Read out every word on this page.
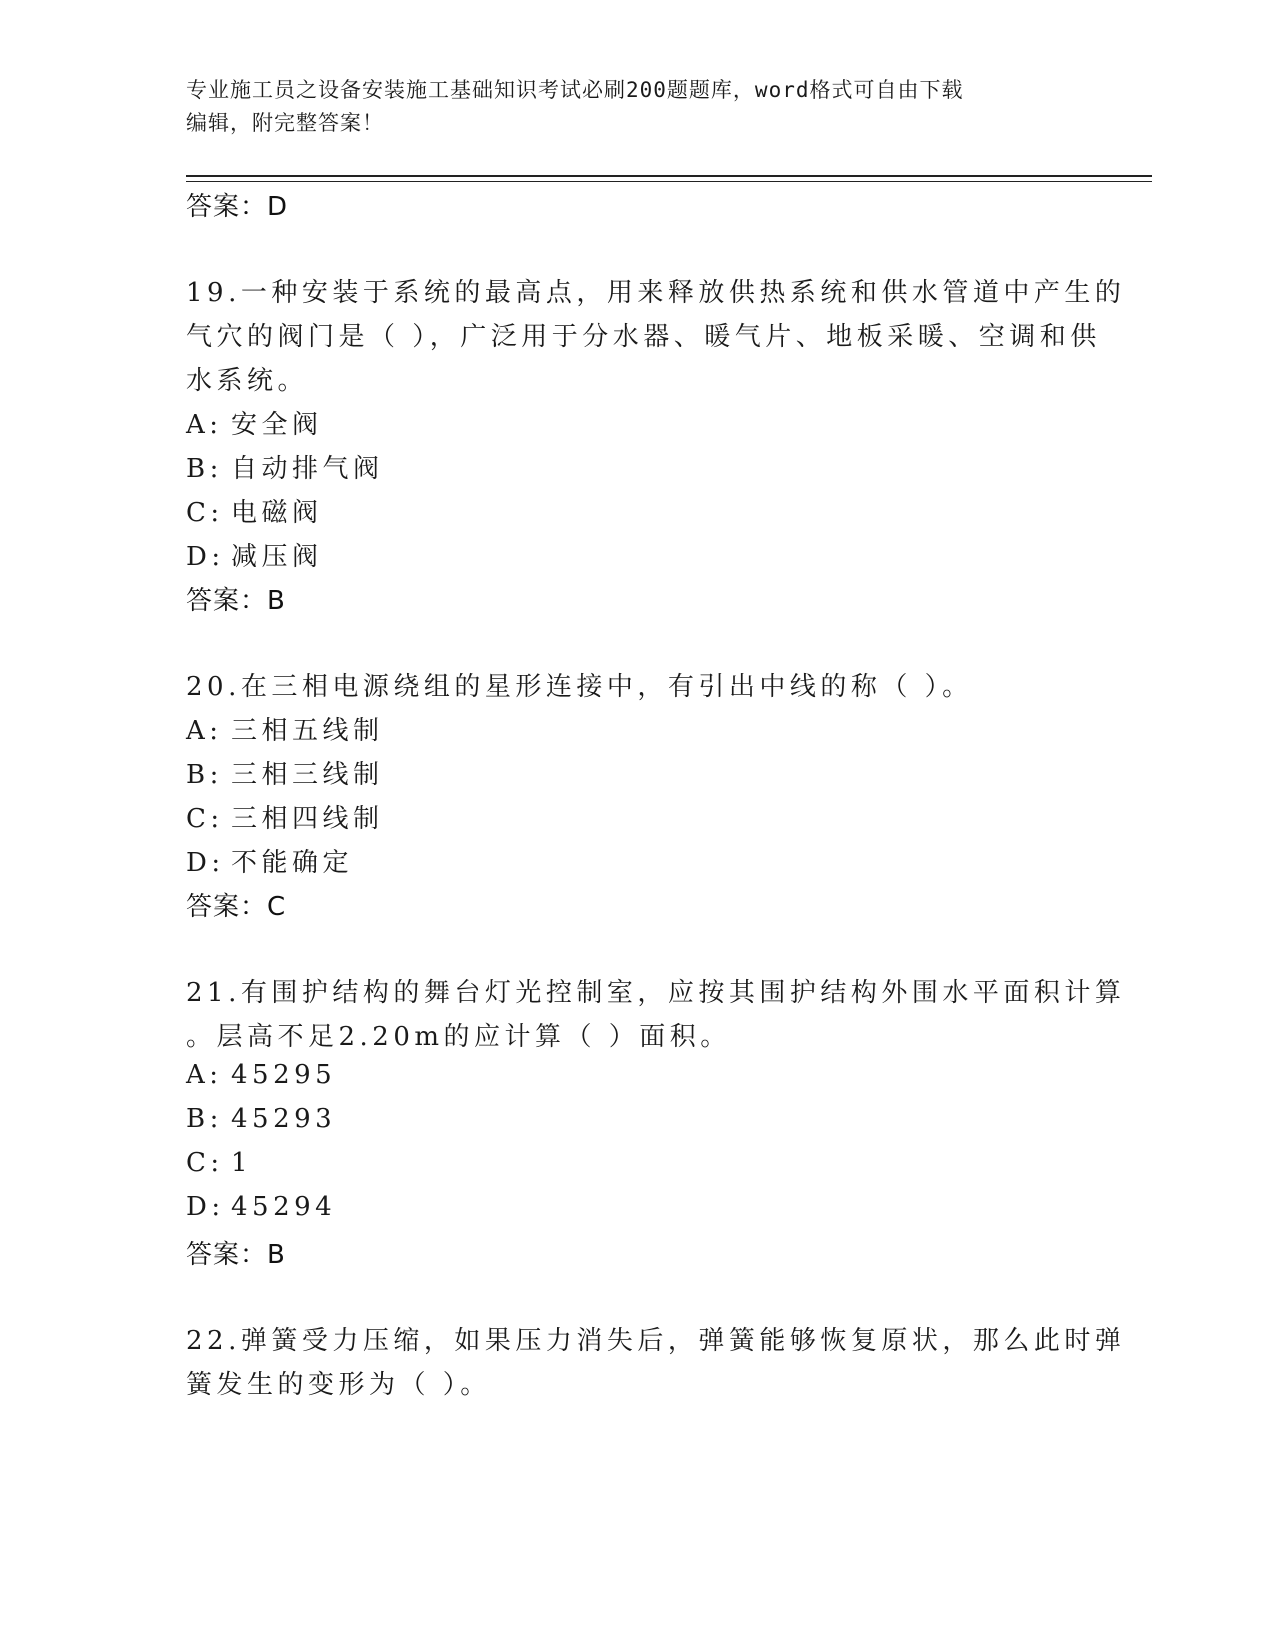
专业施工员之设备安装施工基础知识考试必刷200题题库，word格式可自由下载
编辑，附完整答案！
答案：D
19.一种安装于系统的最高点，用来释放供热系统和供水管道中产生的
气穴的阀门是（ ），广泛用于分水器、暖气片、地板采暖、空调和供
水系统。
A: 安全阀
B: 自动排气阀
C: 电磁阀
D: 减压阀
答案：B
20.在三相电源绕组的星形连接中，有引出中线的称（ ）。
A: 三相五线制
B: 三相三线制
C: 三相四线制
D: 不能确定
答案：C
21.有围护结构的舞台灯光控制室，应按其围护结构外围水平面积计算
。层高不足2.20m的应计算（ ）面积。
A: 45295
B: 45293
C: 1
D: 45294
答案：B
22.弹簧受力压缩，如果压力消失后，弹簧能够恢复原状，那么此时弹
簧发生的变形为（ ）。
